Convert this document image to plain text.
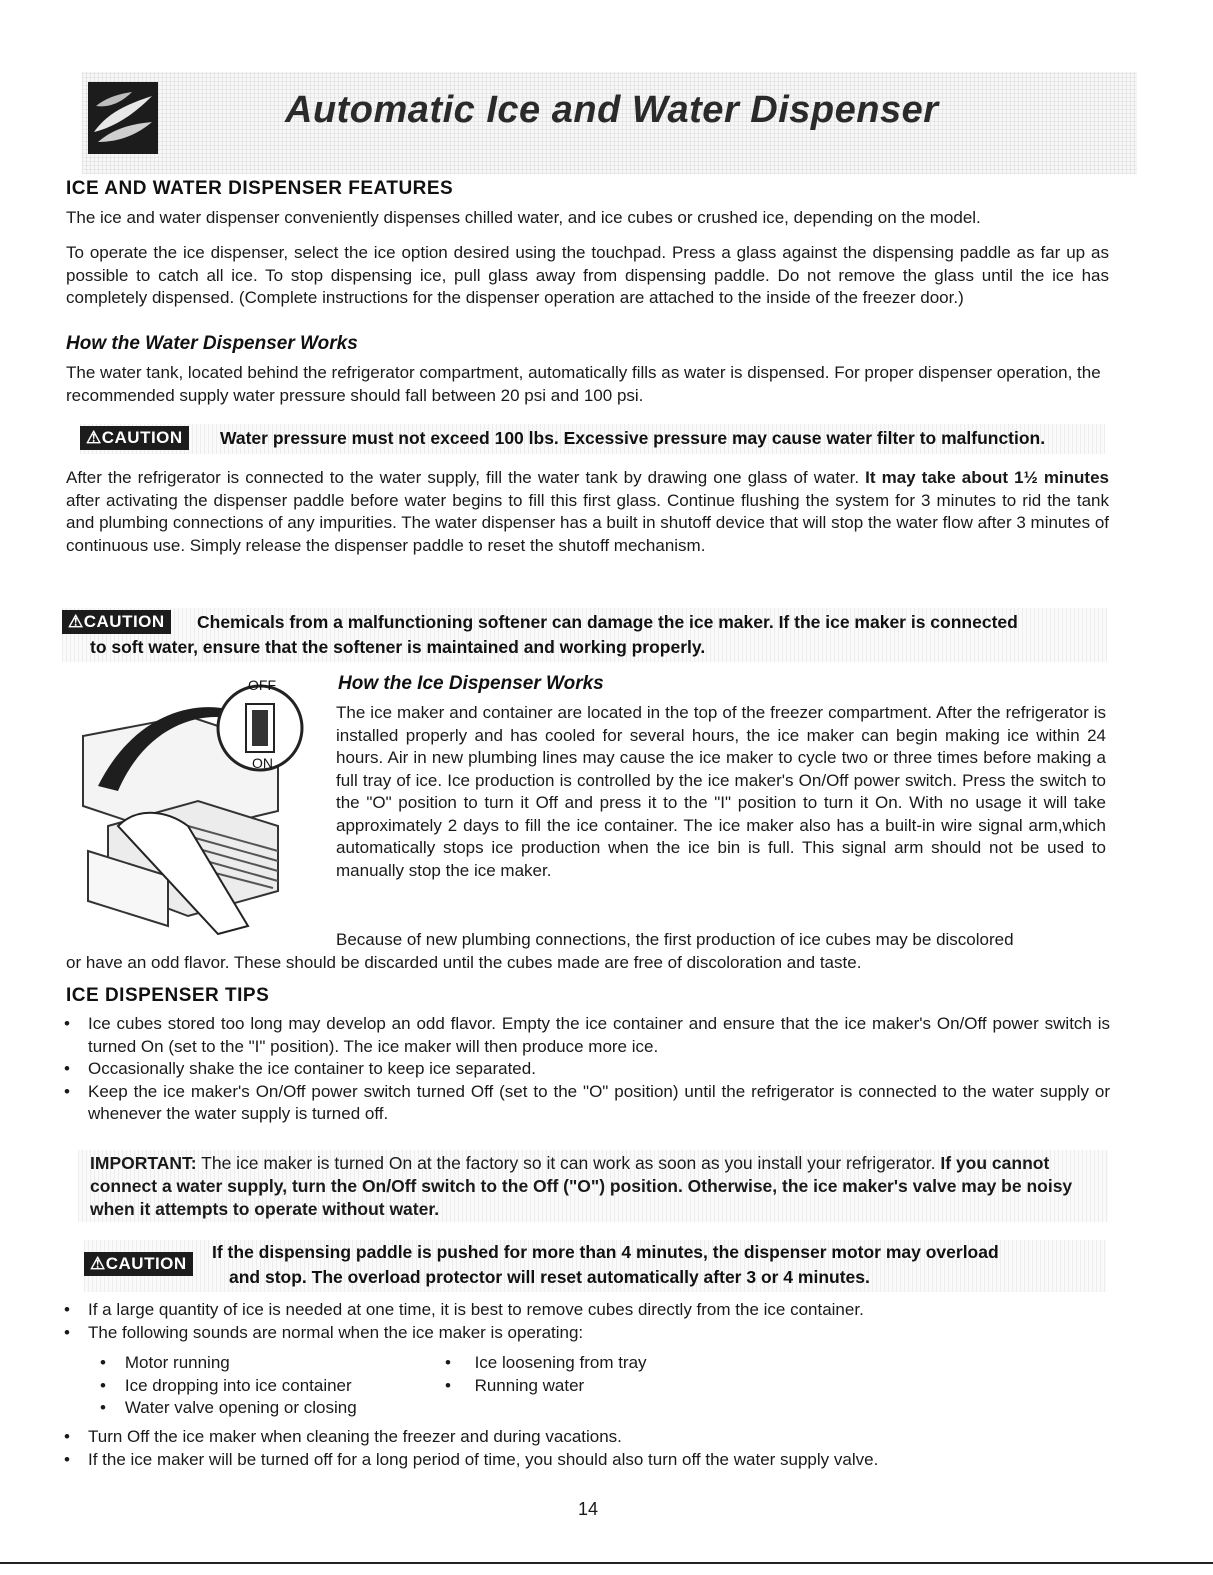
Automatic Ice and Water Dispenser
ICE AND WATER DISPENSER FEATURES

The ice and water dispenser conveniently dispenses chilled water, and ice cubes or crushed ice, depending on the model.

To operate the ice dispenser, select the ice option desired using the touchpad. Press a glass against the dispensing paddle as far up as possible to catch all ice. To stop dispensing ice, pull glass away from dispensing paddle. Do not remove the glass until the ice has completely dispensed. (Complete instructions for the dispenser operation are attached to the inside of the freezer door.)

How the Water Dispenser Works

The water tank, located behind the refrigerator compartment, automatically fills as water is dispensed. For proper dispenser operation, the recommended supply water pressure should fall between 20 psi and 100 psi.

⚠CAUTION	Water pressure must not exceed 100 lbs. Excessive pressure may cause water filter to malfunction.

After the refrigerator is connected to the water supply, fill the water tank by drawing one glass of water. It may take about 1½ minutes after activating the dispenser paddle before water begins to fill this first glass. Continue flushing the system for 3 minutes to rid the tank and plumbing connections of any impurities. The water dispenser has a built in shutoff device that will stop the water flow after 3 minutes of continuous use. Simply release the dispenser paddle to reset the shutoff mechanism.

⚠CAUTION	Chemicals from a malfunctioning softener can damage the ice maker. If the ice maker is connected
to soft water, ensure that the softener is maintained and working properly.
OFF
ON
How the Ice Dispenser Works

The ice maker and container are located in the top of the freezer compartment. After the refrigerator is installed properly and has cooled for several hours, the ice maker can begin making ice within 24 hours. Air in new plumbing lines may cause the ice maker to cycle two or three times before making a full tray of ice. Ice production is controlled by the ice maker's On/Off power switch. Press the switch to the "O" position to turn it Off and press it to the "I" position to turn it On. With no usage it will take approximately 2 days to fill the ice container. The ice maker also has a built-in wire signal arm,which automatically stops ice production when the ice bin is full. This signal arm should not be used to manually stop the ice maker.

Because of new plumbing connections, the first production of ice cubes may be discolored

or have an odd flavor. These should be discarded until the cubes made are free of discoloration and taste.

ICE DISPENSER TIPS
•	Ice cubes stored too long may develop an odd flavor. Empty the ice container and ensure that the ice maker's On/Off power switch is turned On (set to the "I" position). The ice maker will then produce more ice.
•	Occasionally shake the ice container to keep ice separated.
•	Keep the ice maker's On/Off power switch turned Off (set to the "O" position) until the refrigerator is connected to the water supply or whenever the water supply is turned off.

IMPORTANT: The ice maker is turned On at the factory so it can work as soon as you install your refrigerator. If you cannot connect a water supply, turn the On/Off switch to the Off ("O") position. Otherwise, the ice maker's valve may be noisy when it attempts to operate without water.

⚠CAUTION
If the dispensing paddle is pushed for more than 4 minutes, the dispenser motor may overload
and stop. The overload protector will reset automatically after 3 or 4 minutes.
•	If a large quantity of ice is needed at one time, it is best to remove cubes directly from the ice container.
•	The following sounds are normal when the ice maker is operating:
• Motor running
• Ice dropping into ice container
• Water valve opening or closing
• Ice loosening from tray
• Running water
•	Turn Off the ice maker when cleaning the freezer and during vacations.
•	If the ice maker will be turned off for a long period of time, you should also turn off the water supply valve.
14
